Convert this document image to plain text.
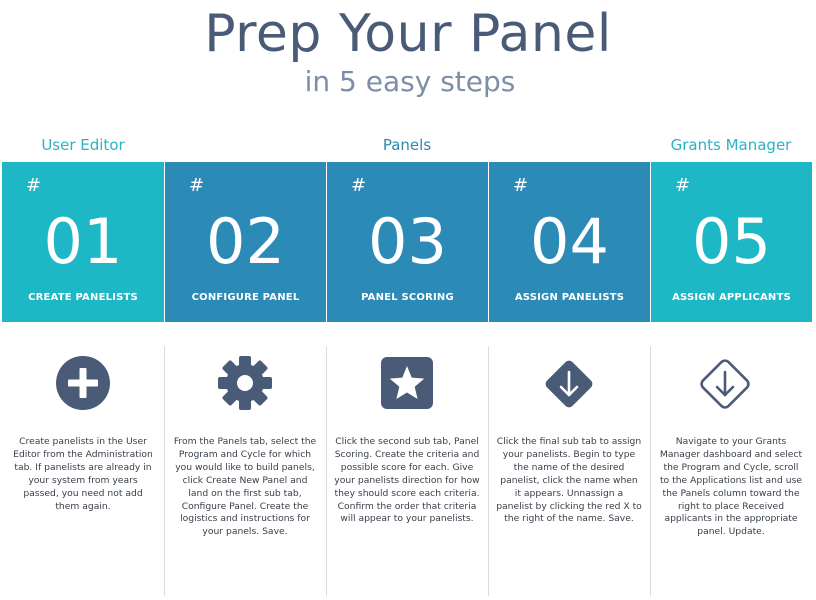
Prep Your Panel
in 5 easy steps
User Editor	Panels	Grants Manager
#
01
CREATE PANELISTS
#
02
CONFIGURE PANEL
#
03
PANEL SCORING
#
04
ASSIGN PANELISTS
#
05
ASSIGN APPLICANTS
Create panelists in the User Editor from the Administration tab. If panelists are already in your system from years passed, you need not add them again.
From the Panels tab, select the Program and Cycle for which you would like to build panels, click Create New Panel and land on the first sub tab, Configure Panel. Create the logistics and instructions for your panels. Save.
Click the second sub tab, Panel Scoring. Create the criteria and possible score for each. Give your panelists direction for how they should score each criteria. Confirm the order that criteria will appear to your panelists.
Click the final sub tab to assign your panelists. Begin to type the name of the desired panelist, click the name when it appears. Unnassign a panelist by clicking the red X to the right of the name. Save.
Navigate to your Grants Manager dashboard and select the Program and Cycle, scroll to the Applications list and use the Panels column toward the right to place Received applicants in the appropriate panel. Update.
